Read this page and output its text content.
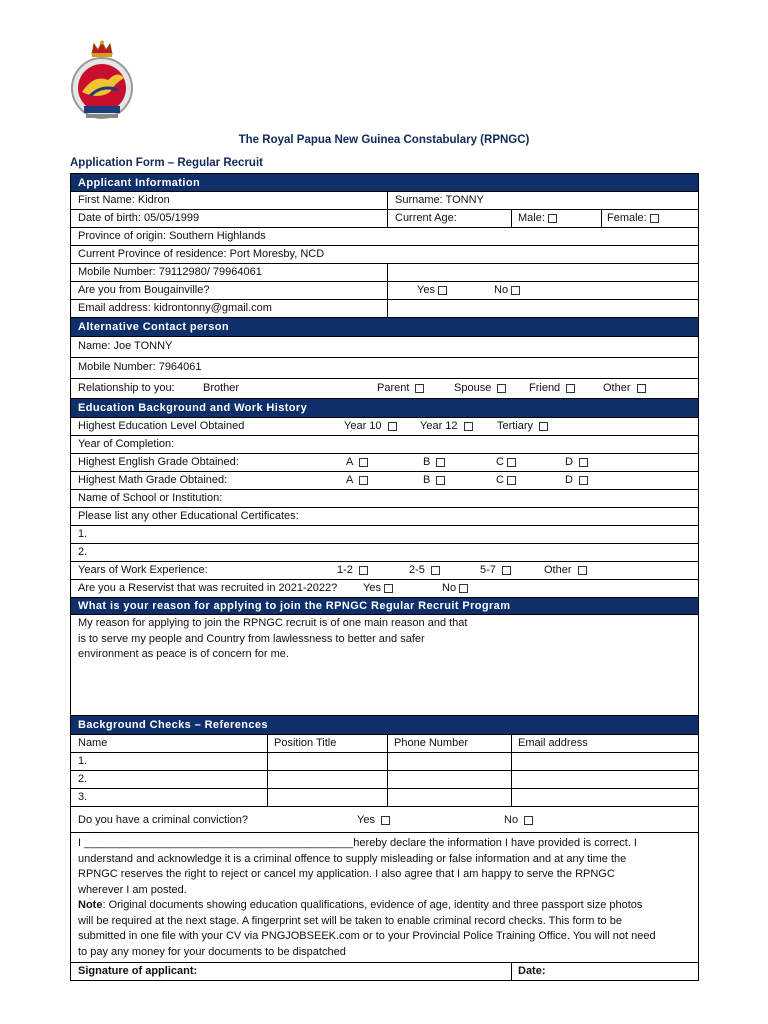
The Royal Papua New Guinea Constabulary (RPNGC)
Application Form – Regular Recruit
Applicant Information
First Name: Kidron	Surname: TONNY
Date of birth: 05/05/1999	Current Age:	Male:	Female:
Province of origin: Southern Highlands
Current Province of residence: Port Moresby, NCD
Mobile Number: 79112980/ 79964061
Are you from Bougainville?	Yes	No
Email address: kidrontonny@gmail.com
Alternative Contact person
Name: Joe TONNY
Mobile Number: 7964061
Relationship to you:	Brother	Parent	Spouse	Friend	Other
Education Background and Work History
Highest Education Level Obtained	Year 10	Year 12	Tertiary
Year of Completion:
Highest English Grade Obtained:	A	B	C	D
Highest Math Grade Obtained:	A	B	C	D
Name of School or Institution:
Please list any other Educational Certificates:
1.
2.
Years of Work Experience:	1-2	2-5	5-7	Other
Are you a Reservist that was recruited in 2021-2022? Yes	No
What is your reason for applying to join the RPNGC Regular Recruit Program
My reason for applying to join the RPNGC recruit is of one main reason and that
is to serve my people and Country from lawlessness to better and safer
environment as peace is of concern for me.
Background Checks – References
Name	Position Title	Phone Number	Email address
1.
2.
3.
Do you have a criminal conviction?	Yes	No
I ____________________________________________hereby declare the information I have provided is correct. I
understand and acknowledge it is a criminal offence to supply misleading or false information and at any time the
RPNGC reserves the right to reject or cancel my application. I also agree that I am happy to serve the RPNGC
wherever I am posted.
Note: Original documents showing education qualifications, evidence of age, identity and three passport size photos
will be required at the next stage. A fingerprint set will be taken to enable criminal record checks. This form to be
submitted in one file with your CV via PNGJOBSEEK.com or to your Provincial Police Training Office. You will not need
to pay any money for your documents to be dispatched
Signature of applicant:	Date:
